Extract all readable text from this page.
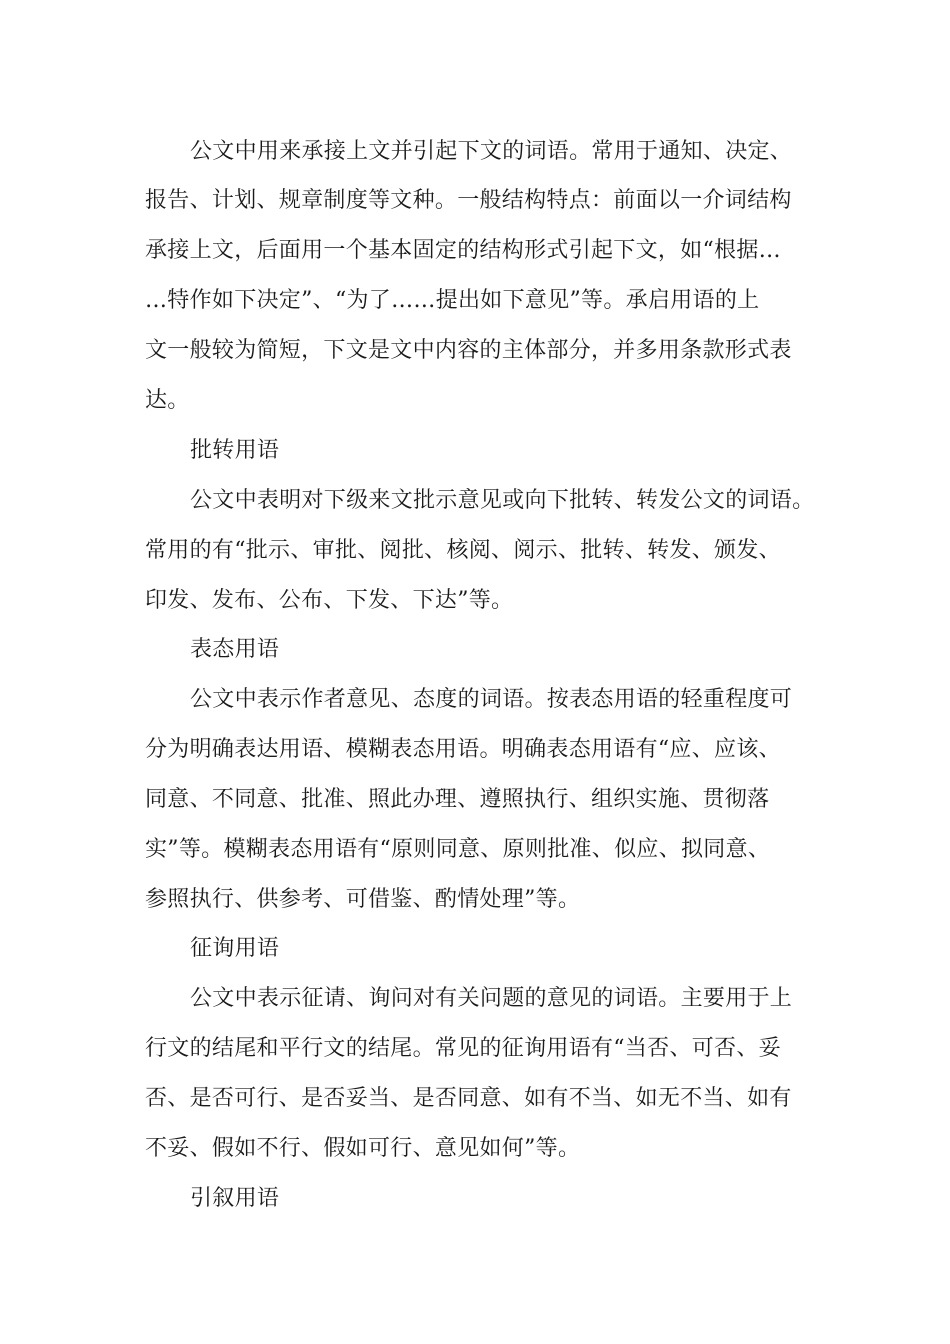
公文中用来承接上文并引起下文的词语。常用于通知、决定、
报告、计划、规章制度等文种。一般结构特点：前面以一介词结构
承接上文，后面用一个基本固定的结构形式引起下文，如“根据…
…特作如下决定”、“为了……提出如下意见”等。承启用语的上
文一般较为简短，下文是文中内容的主体部分，并多用条款形式表
达。
批转用语
公文中表明对下级来文批示意见或向下批转、转发公文的词语。
常用的有“批示、审批、阅批、核阅、阅示、批转、转发、颁发、
印发、发布、公布、下发、下达”等。
表态用语
公文中表示作者意见、态度的词语。按表态用语的轻重程度可
分为明确表达用语、模糊表态用语。明确表态用语有“应、应该、
同意、不同意、批准、照此办理、遵照执行、组织实施、贯彻落
实”等。模糊表态用语有“原则同意、原则批准、似应、拟同意、
参照执行、供参考、可借鉴、酌情处理”等。
征询用语
公文中表示征请、询问对有关问题的意见的词语。主要用于上
行文的结尾和平行文的结尾。常见的征询用语有“当否、可否、妥
否、是否可行、是否妥当、是否同意、如有不当、如无不当、如有
不妥、假如不行、假如可行、意见如何”等。
引叙用语
